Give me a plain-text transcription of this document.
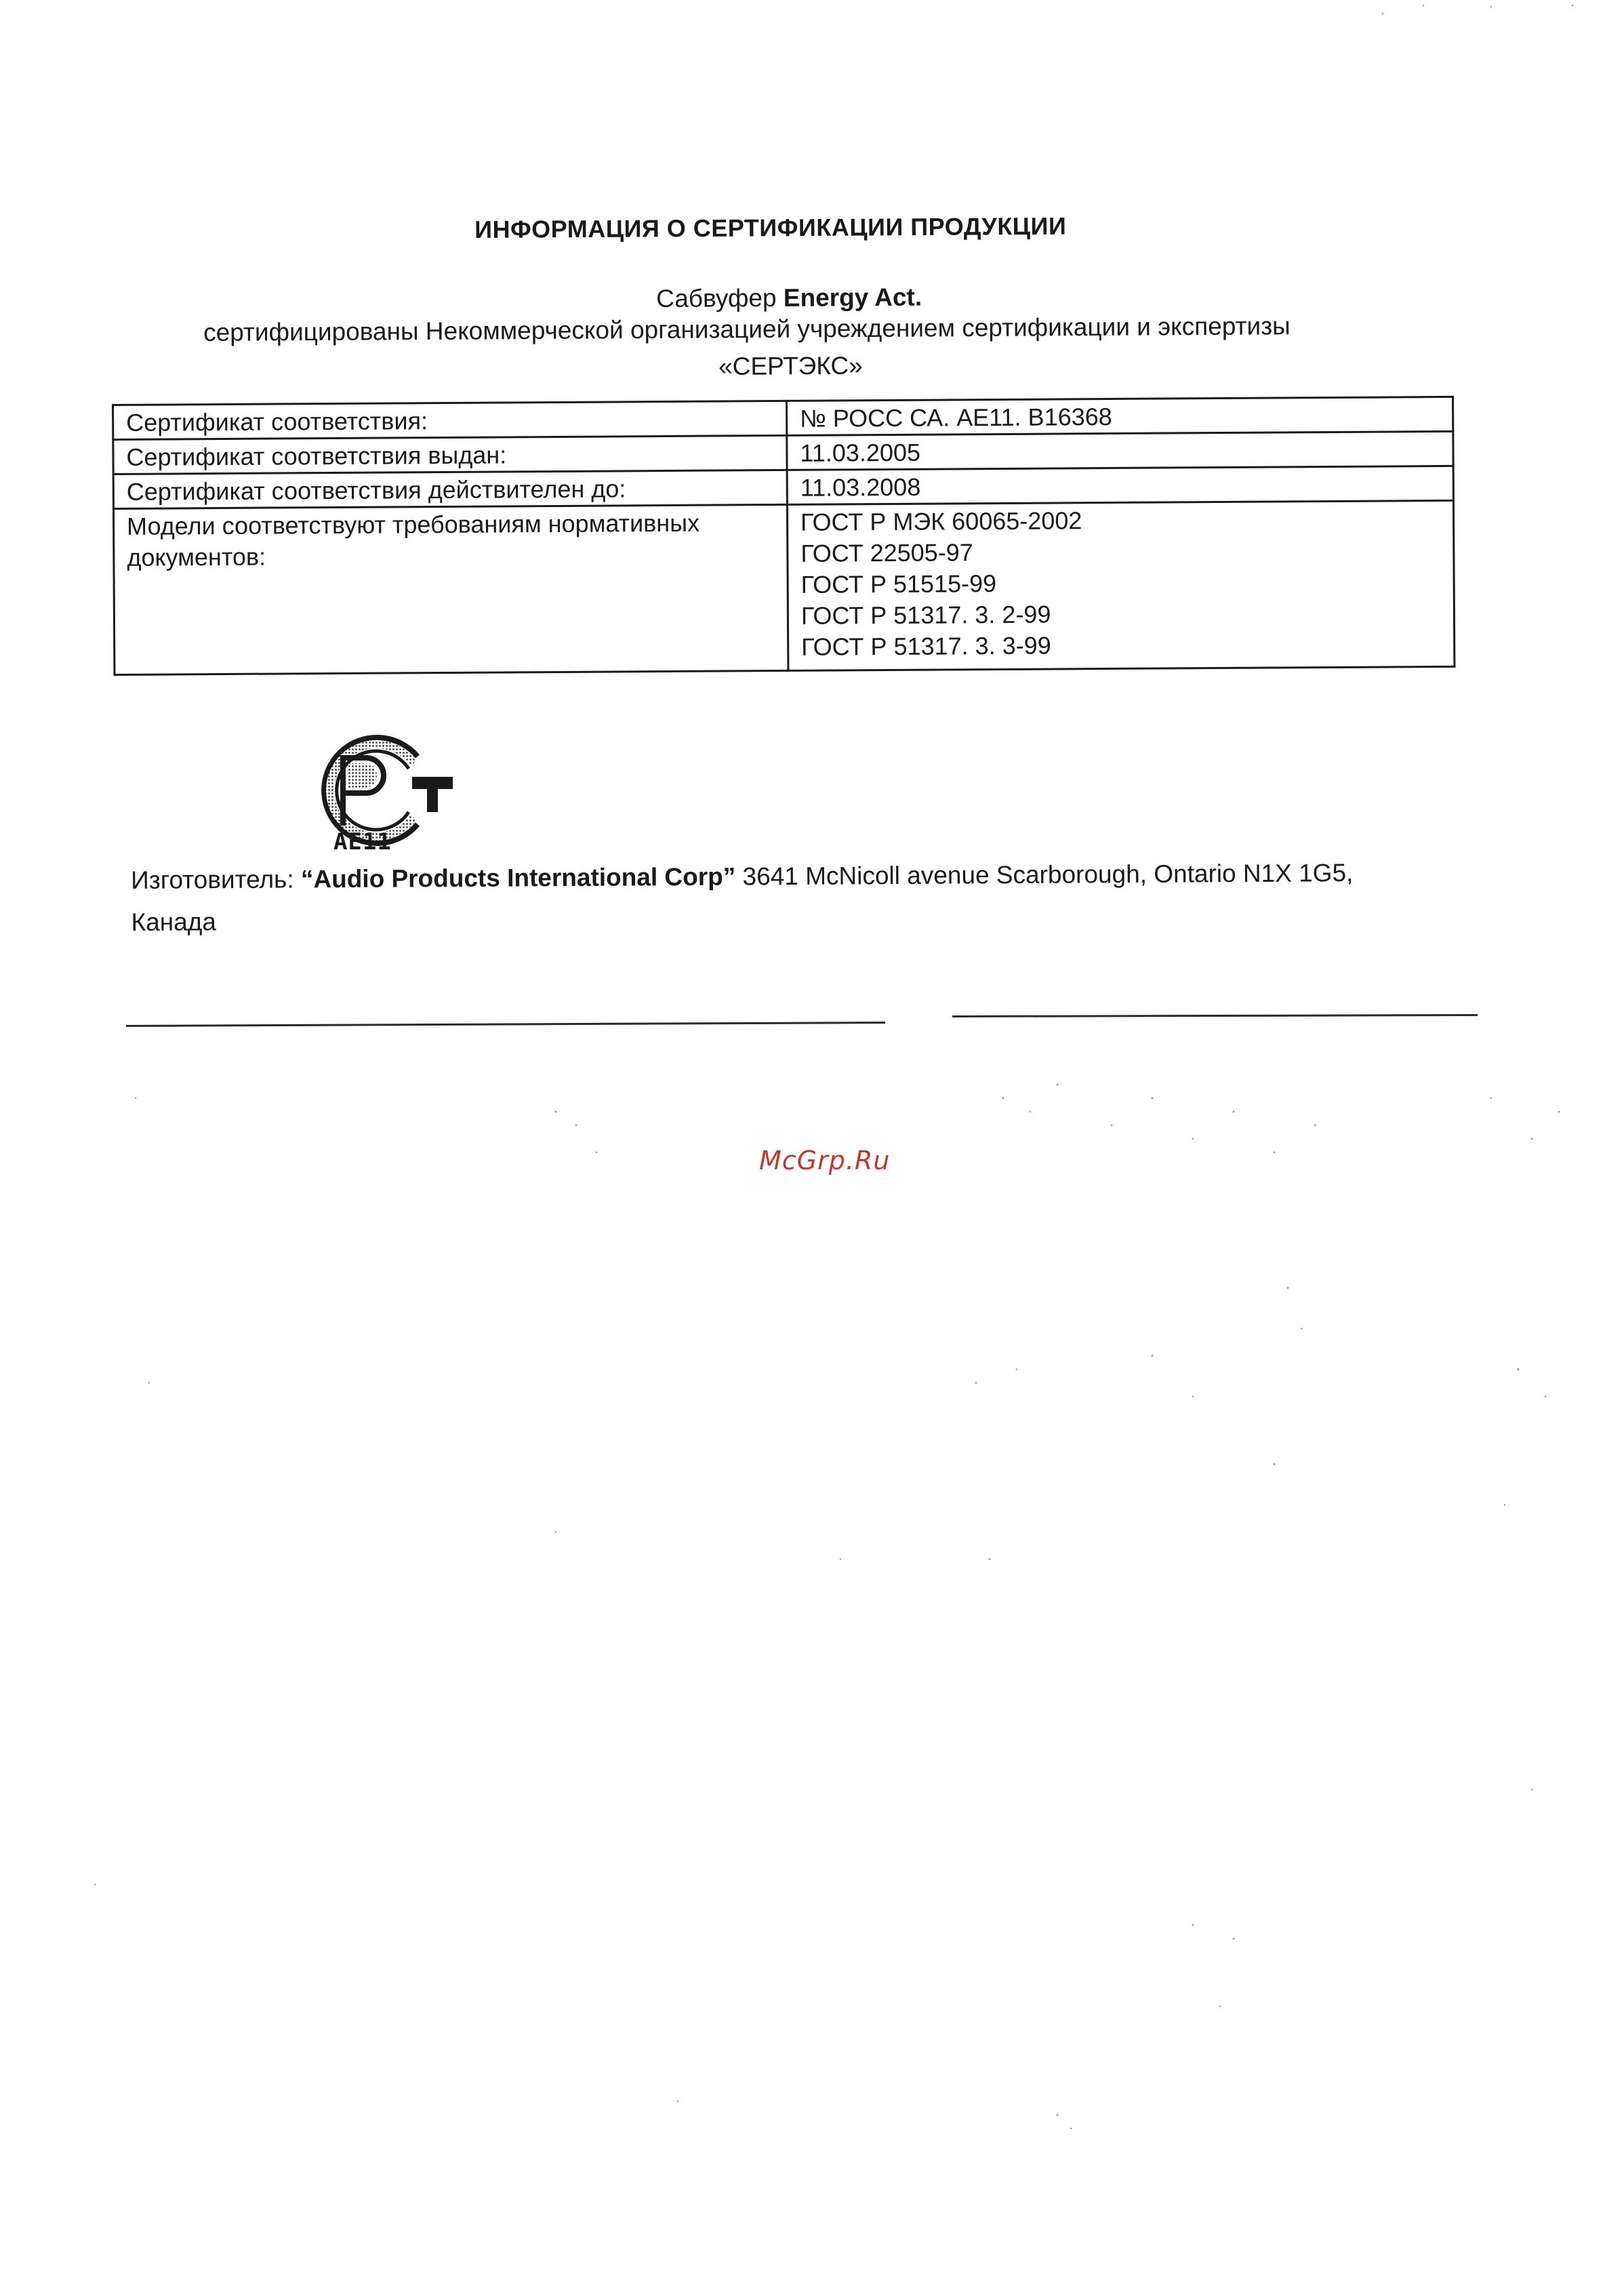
ИНФОРМАЦИЯ О СЕРТИФИКАЦИИ ПРОДУКЦИИ
Сабвуфер Energy Act.
сертифицированы Некоммерческой организацией учреждением сертификации и экспертизы
«СЕРТЭКС»
Сертификат соответствия:	№ РОСС СА. АЕ11. В16368
Сертификат соответствия выдан:	11.03.2005
Сертификат соответствия действителен до:	11.03.2008
Модели соответствуют требованиям нормативных документов:	ГОСТ Р МЭК 60065-2002
ГОСТ 22505-97
ГОСТ Р 51515-99
ГОСТ Р 51317. 3. 2-99
ГОСТ Р 51317. 3. 3-99
АЕ11
Изготовитель: “Audio Products International Corp” 3641 McNicoll avenue Scarborough, Ontario N1X 1G5,
Канада
McGrp.Ru
